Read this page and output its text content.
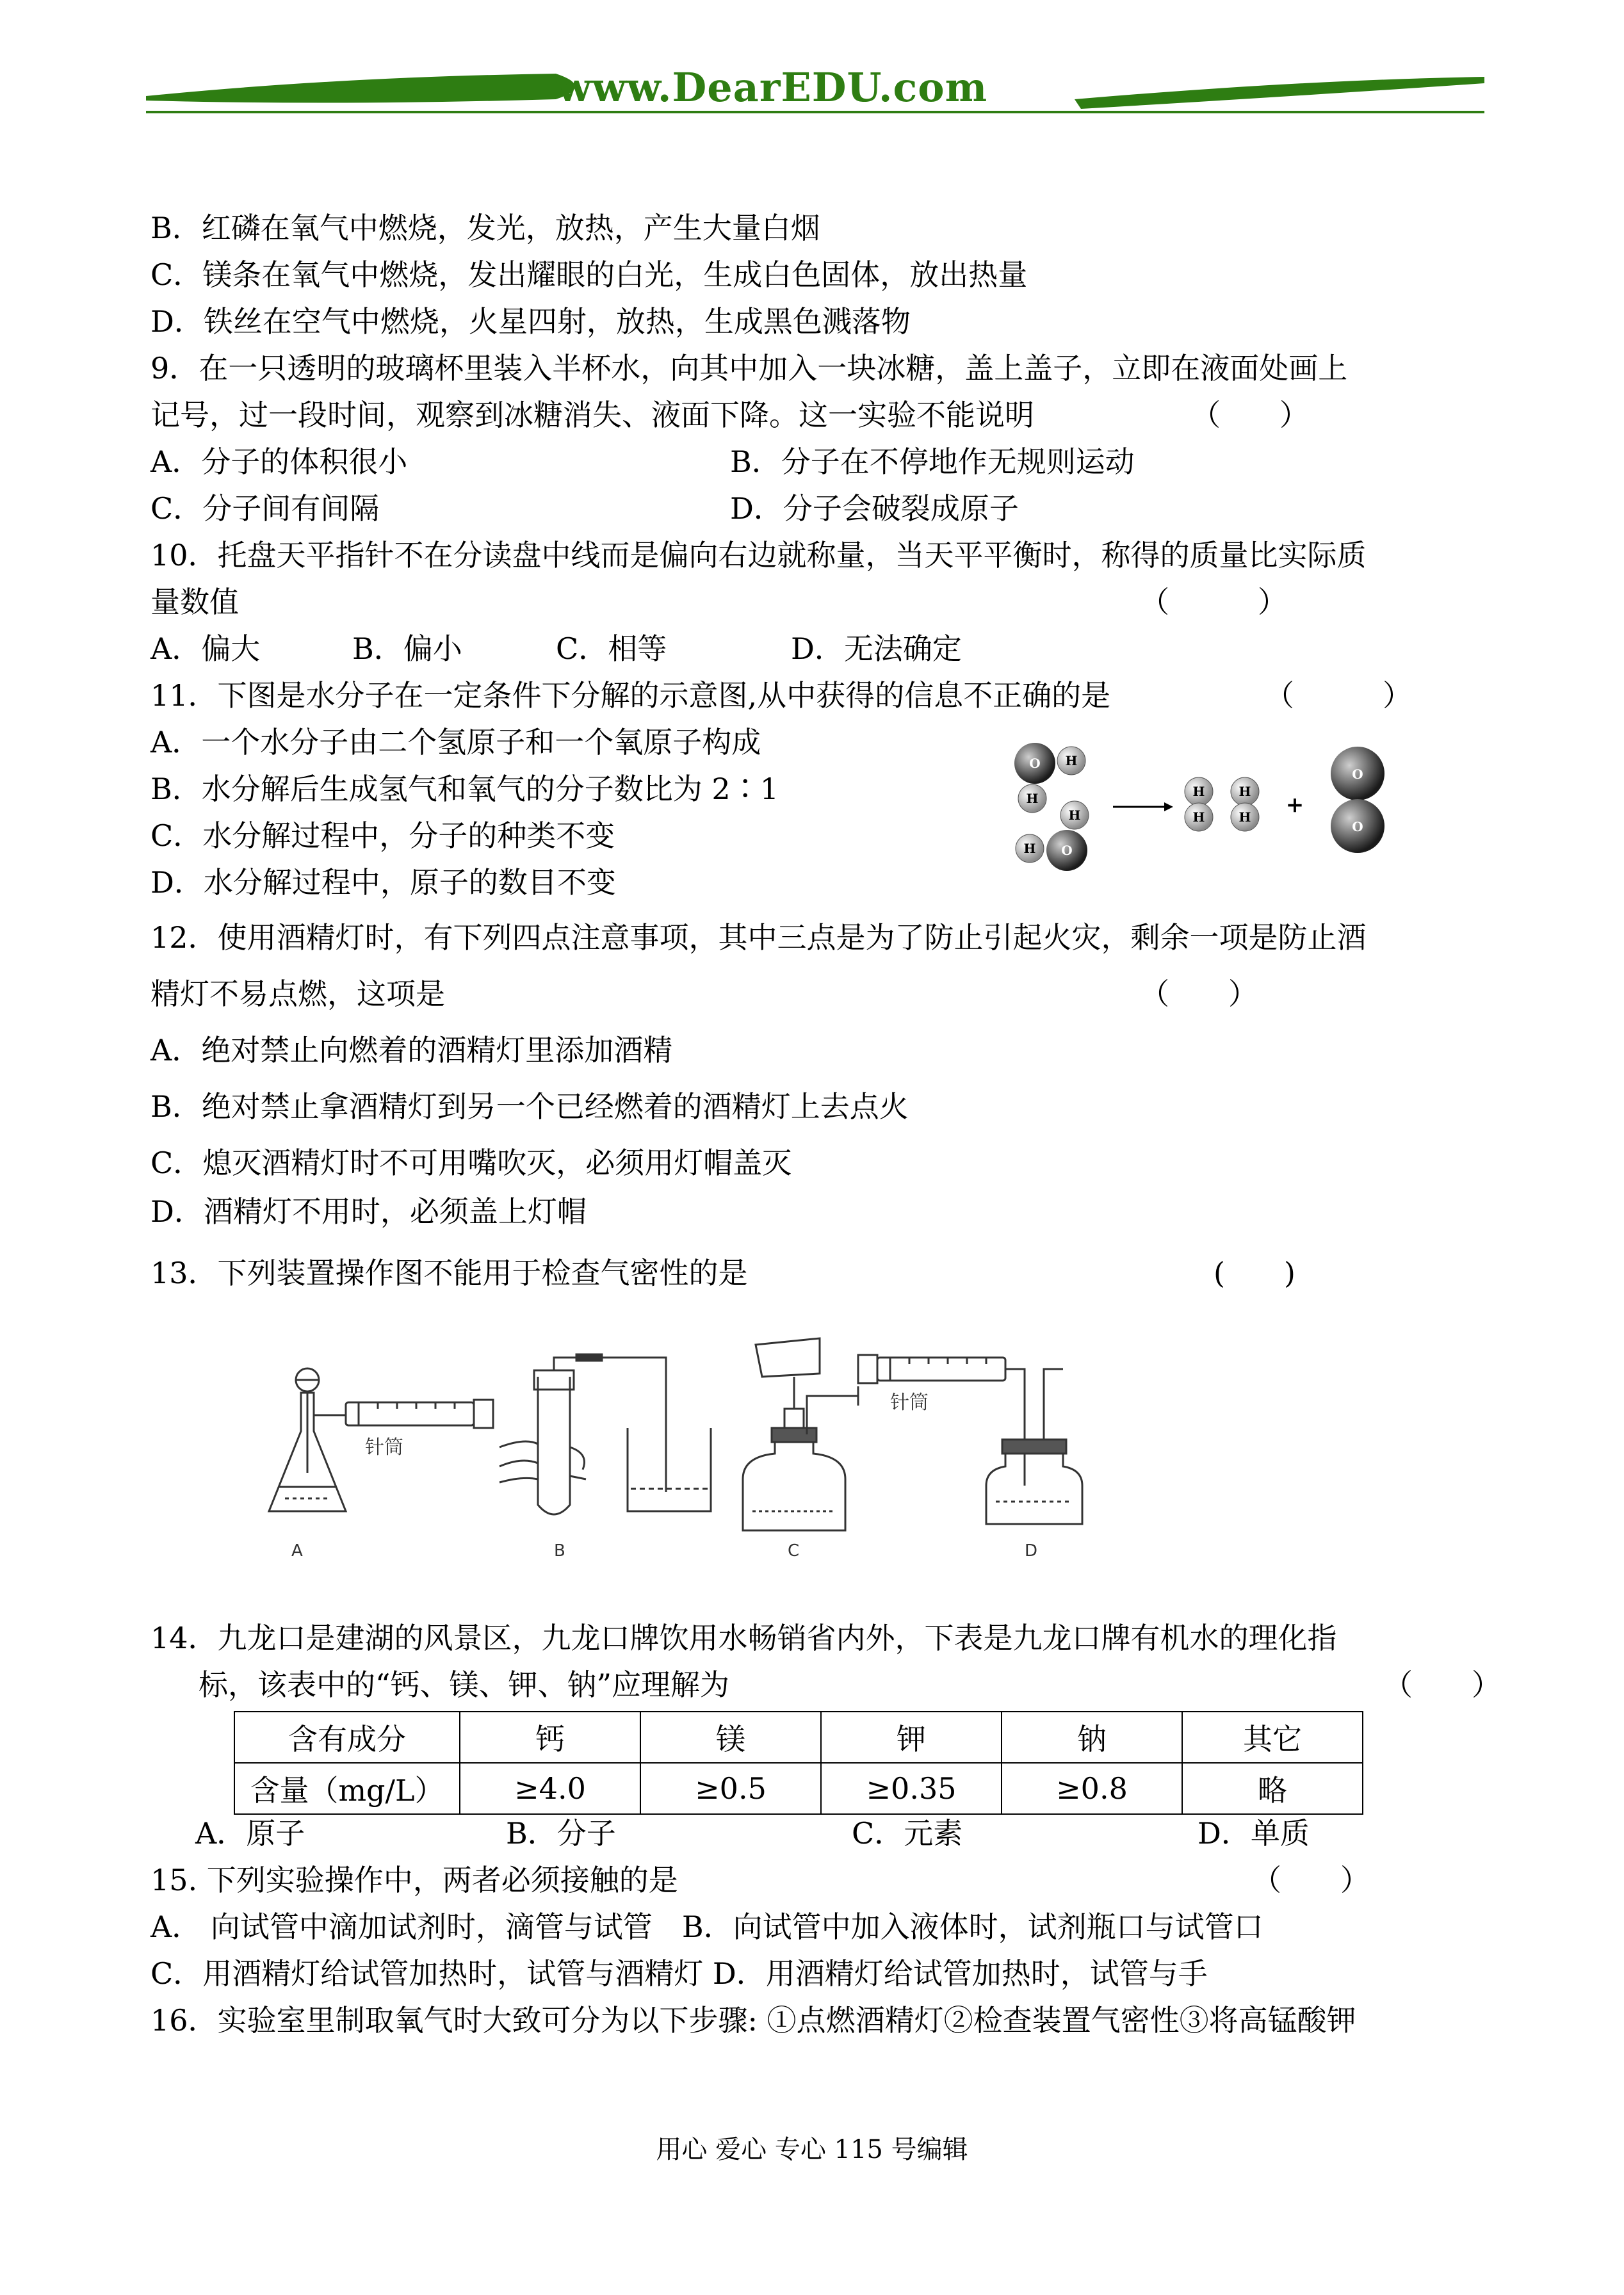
www.DearEDU.com
B．红磷在氧气中燃烧，发光，放热，产生大量白烟
C．镁条在氧气中燃烧，发出耀眼的白光，生成白色固体，放出热量
D．铁丝在空气中燃烧，火星四射，放热，生成黑色溅落物
9．在一只透明的玻璃杯里装入半杯水，向其中加入一块冰糖，盖上盖子，立即在液面处画上
记号，过一段时间，观察到冰糖消失、液面下降。这一实验不能说明	（　　）
A．分子的体积很小	B．分子在不停地作无规则运动
C．分子间有间隔	D．分子会破裂成原子
10．托盘天平指针不在分读盘中线而是偏向右边就称量，当天平平衡时，称得的质量比实际质
量数值	（　　　）
A．偏大	B．偏小	C．相等	D．无法确定
11．下图是水分子在一定条件下分解的示意图,从中获得的信息不正确的是	（　　　）
A．一个水分子由二个氢原子和一个氧原子构成
B．水分解后生成氢气和氧气的分子数比为 2∶1
C．水分解过程中，分子的种类不变
D．水分解过程中，原子的数目不变
O H
H
H
H O
H
H
H
H +
O
O
12．使用酒精灯时，有下列四点注意事项，其中三点是为了防止引起火灾，剩余一项是防止酒
精灯不易点燃，这项是	（　　）
A．绝对禁止向燃着的酒精灯里添加酒精
B．绝对禁止拿酒精灯到另一个已经燃着的酒精灯上去点火
C．熄灭酒精灯时不可用嘴吹灭，必须用灯帽盖灭
D．酒精灯不用时，必须盖上灯帽
13．下列装置操作图不能用于检查气密性的是	(　　)
针筒
A	B	C
针筒
D
14．九龙口是建湖的风景区，九龙口牌饮用水畅销省内外，下表是九龙口牌有机水的理化指
标，该表中的“钙、镁、钾、钠”应理解为	（　　）
含有成分	钙	镁	钾	钠	其它
含量（mg/L）	≥4.0	≥0.5	≥0.35	≥0.8	略
A．原子	B．分子	C．元素	D．单质
15. 下列实验操作中，两者必须接触的是	（　　）
A． 向试管中滴加试剂时，滴管与试管　B．向试管中加入液体时，试剂瓶口与试管口
C．用酒精灯给试管加热时，试管与酒精灯 D．用酒精灯给试管加热时，试管与手
16．实验室里制取氧气时大致可分为以下步骤: ①点燃酒精灯②检查装置气密性③将高锰酸钾
用心 爱心 专心 115 号编辑
